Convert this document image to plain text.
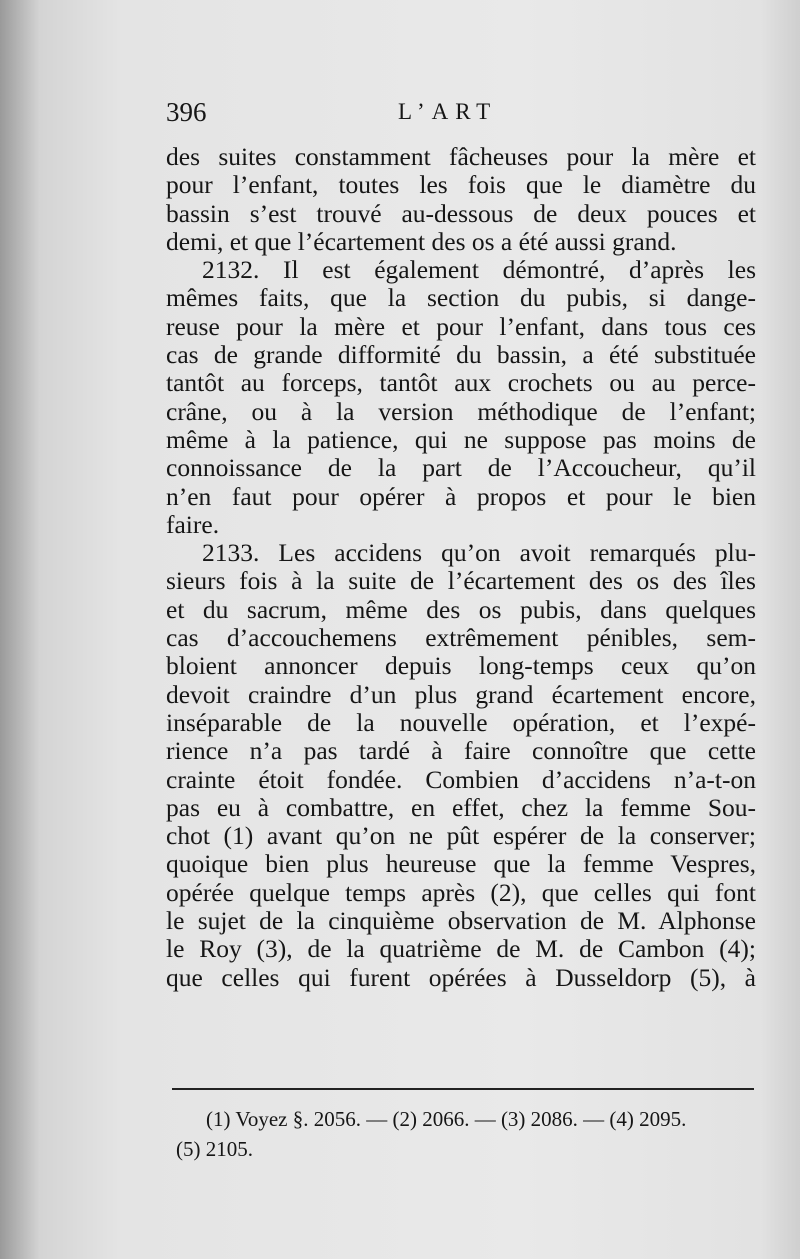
396	L’ART
des suites constamment fâcheuses pour la mère et
pour l’enfant, toutes les fois que le diamètre du
bassin s’est trouvé au-dessous de deux pouces et
demi, et que l’écartement des os a été aussi grand.
2132. Il est également démontré, d’après les
mêmes faits, que la section du pubis, si dange-
reuse pour la mère et pour l’enfant, dans tous ces
cas de grande difformité du bassin, a été substituée
tantôt au forceps, tantôt aux crochets ou au perce-
crâne, ou à la version méthodique de l’enfant;
même à la patience, qui ne suppose pas moins de
connoissance de la part de l’Accoucheur, qu’il
n’en faut pour opérer à propos et pour le bien
faire.
2133. Les accidens qu’on avoit remarqués plu-
sieurs fois à la suite de l’écartement des os des îles
et du sacrum, même des os pubis, dans quelques
cas d’accouchemens extrêmement pénibles, sem-
bloient annoncer depuis long-temps ceux qu’on
devoit craindre d’un plus grand écartement encore,
inséparable de la nouvelle opération, et l’expé-
rience n’a pas tardé à faire connoître que cette
crainte étoit fondée. Combien d’accidens n’a-t-on
pas eu à combattre, en effet, chez la femme Sou-
chot (1) avant qu’on ne pût espérer de la conserver;
quoique bien plus heureuse que la femme Vespres,
opérée quelque temps après (2), que celles qui font
le sujet de la cinquième observation de M. Alphonse
le Roy (3), de la quatrième de M. de Cambon (4);
que celles qui furent opérées à Dusseldorp (5), à
(1) Voyez §. 2056. — (2) 2066. — (3) 2086. — (4) 2095.
(5) 2105.
